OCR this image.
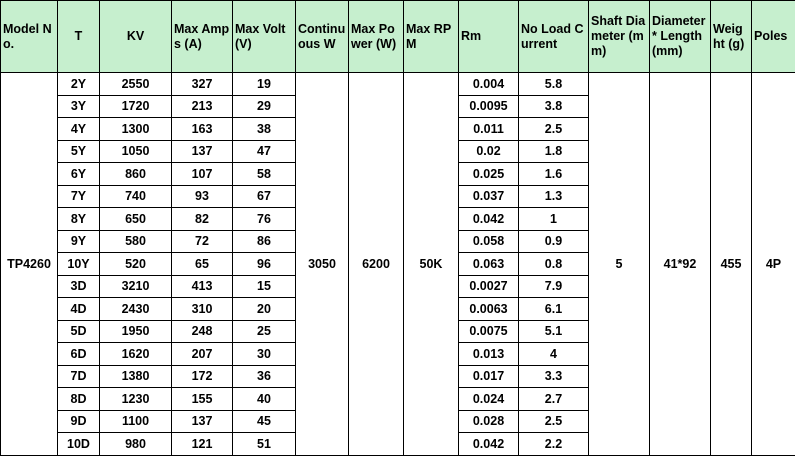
Model No.	T	KV	Max Amps (A)	Max Volt (V)	Continuous W	Max Power (W)	Max RPM	Rm	No Load Current	Shaft Diameter (mm)	Diameter * Length (mm)	Weight (g)	Poles
TP4260	2Y	2550	327	19	3050	6200	50K	0.004	5.8	5	41*92	455	4P
	3Y	1720	213	29				0.0095	3.8				
	4Y	1300	163	38				0.011	2.5				
	5Y	1050	137	47				0.02	1.8				
	6Y	860	107	58				0.025	1.6				
	7Y	740	93	67				0.037	1.3				
	8Y	650	82	76				0.042	1				
	9Y	580	72	86				0.058	0.9				
	10Y	520	65	96				0.063	0.8				
	3D	3210	413	15				0.0027	7.9				
	4D	2430	310	20				0.0063	6.1				
	5D	1950	248	25				0.0075	5.1				
	6D	1620	207	30				0.013	4				
	7D	1380	172	36				0.017	3.3				
	8D	1230	155	40				0.024	2.7				
	9D	1100	137	45				0.028	2.5				
	10D	980	121	51				0.042	2.2				
